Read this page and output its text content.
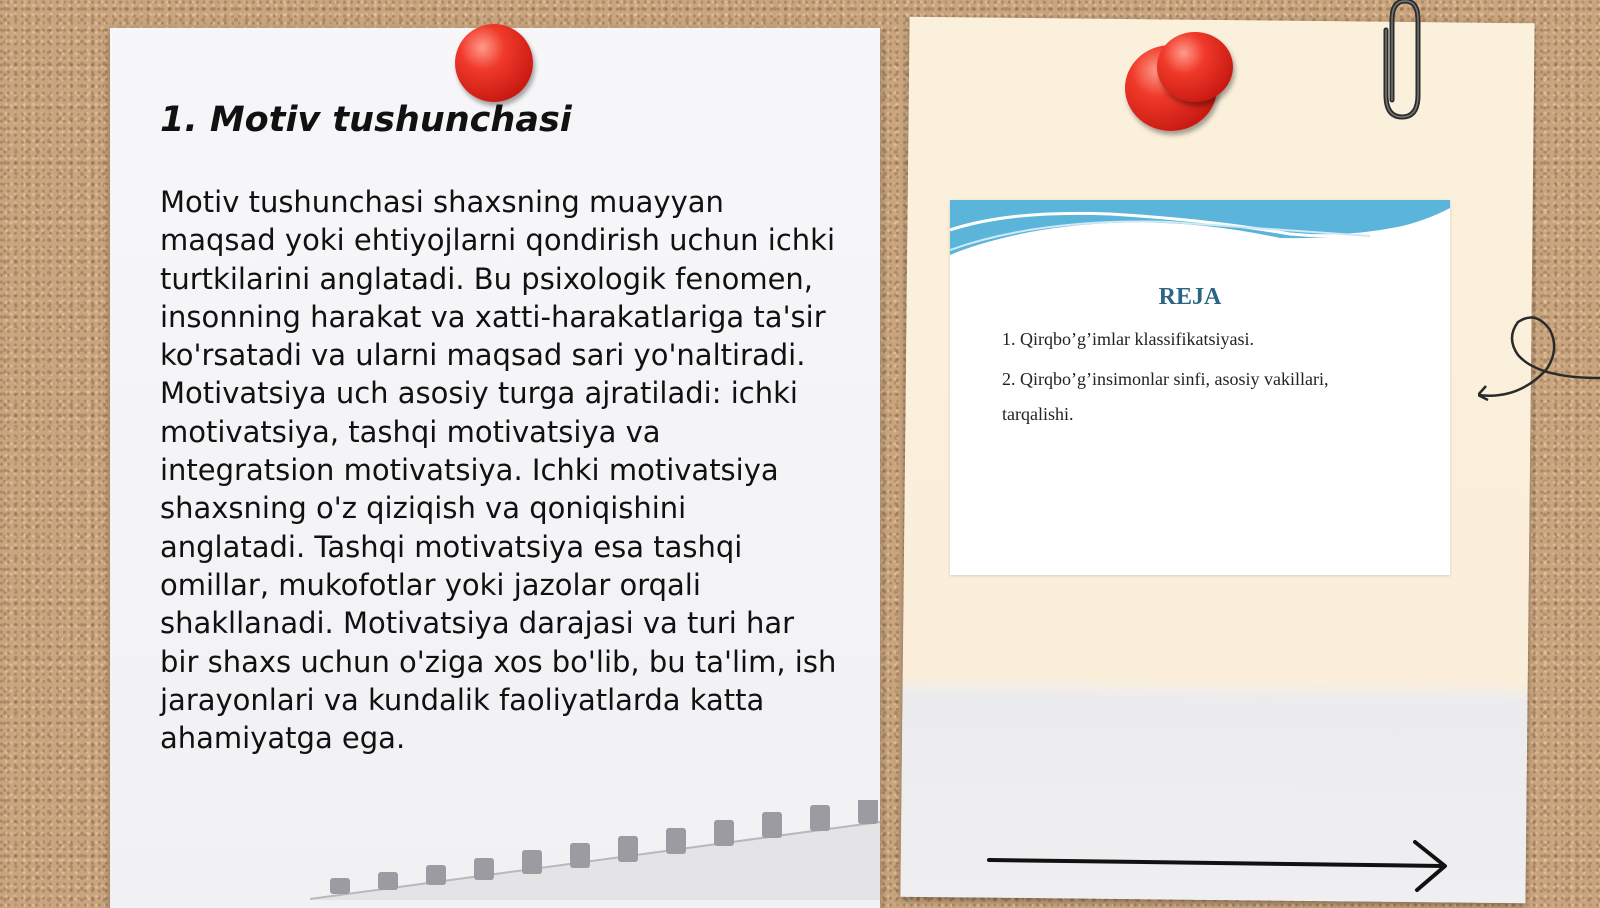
1. Motiv tushunchasi

Motiv tushunchasi shaxsning muayyan maqsad yoki ehtiyojlarni qondirish uchun ichki turtkilarini anglatadi. Bu psixologik fenomen, insonning harakat va xatti-harakatlariga ta'sir ko'rsatadi va ularni maqsad sari yo'naltiradi. Motivatsiya uch asosiy turga ajratiladi: ichki motivatsiya, tashqi motivatsiya va integratsion motivatsiya. Ichki motivatsiya shaxsning o'z qiziqish va qoniqishini anglatadi. Tashqi motivatsiya esa tashqi omillar, mukofotlar yoki jazolar orqali shakllanadi. Motivatsiya darajasi va turi har bir shaxs uchun o'ziga xos bo'lib, bu ta'lim, ish jarayonlari va kundalik faoliyatlarda katta ahamiyatga ega.

REJA
1. Qirqbo’g’imlar klassifikatsiyasi.
2. Qirqbo’g’insimonlar sinfi, asosiy vakillari, tarqalishi.
